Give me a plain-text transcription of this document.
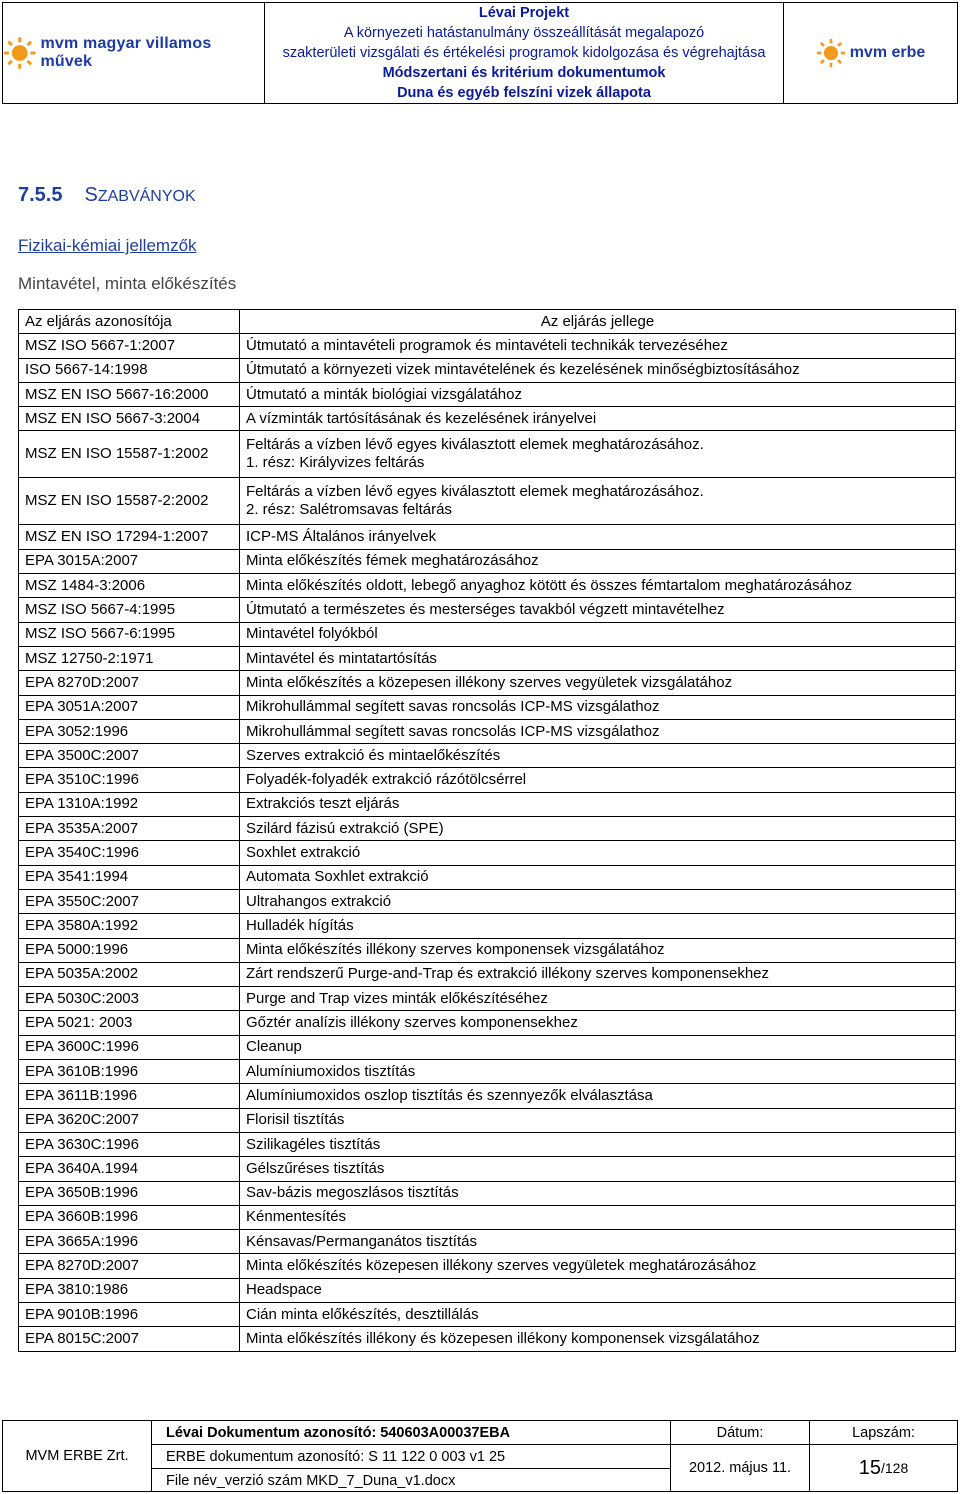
mvm magyar villamos művek
Lévai Projekt
A környezeti hatástanulmány összeállítását megalapozó
szakterületi vizsgálati és értékelési programok kidolgozása és végrehajtása
Módszertani és kritérium dokumentumok
Duna és egyéb felszíni vizek állapota
mvm erbe
7.5.5 SZABVÁNYOK
Fizikai-kémiai jellemzők
Mintavétel, minta előkészítés
Az eljárás azonosítója	Az eljárás jellege
MSZ ISO 5667-1:2007	Útmutató a mintavételi programok és mintavételi technikák tervezéséhez
ISO 5667-14:1998	Útmutató a környezeti vizek mintavételének és kezelésének minőségbiztosításához
MSZ EN ISO 5667-16:2000	Útmutató a minták biológiai vizsgálatához
MSZ EN ISO 5667-3:2004	A vízminták tartósításának és kezelésének irányelvei
MSZ EN ISO 15587-1:2002	Feltárás a vízben lévő egyes kiválasztott elemek meghatározásához.
1. rész: Királyvizes feltárás

MSZ EN ISO 15587-2:2002	Feltárás a vízben lévő egyes kiválasztott elemek meghatározásához.
2. rész: Salétromsavas feltárás

MSZ EN ISO 17294-1:2007	ICP-MS Általános irányelvek
EPA 3015A:2007	Minta előkészítés fémek meghatározásához
MSZ 1484-3:2006	Minta előkészítés oldott, lebegő anyaghoz kötött és összes fémtartalom meghatározásához
MSZ ISO 5667-4:1995	Útmutató a természetes és mesterséges tavakból végzett mintavételhez
MSZ ISO 5667-6:1995	Mintavétel folyókból
MSZ 12750-2:1971	Mintavétel és mintatartósítás
EPA 8270D:2007	Minta előkészítés a közepesen illékony szerves vegyületek vizsgálatához
EPA 3051A:2007	Mikrohullámmal segített savas roncsolás ICP-MS vizsgálathoz
EPA 3052:1996	Mikrohullámmal segített savas roncsolás ICP-MS vizsgálathoz
EPA 3500C:2007	Szerves extrakció és mintaelőkészítés
EPA 3510C:1996	Folyadék-folyadék extrakció rázótölcsérrel
EPA 1310A:1992	Extrakciós teszt eljárás
EPA 3535A:2007	Szilárd fázisú extrakció (SPE)
EPA 3540C:1996	Soxhlet extrakció
EPA 3541:1994	Automata Soxhlet extrakció
EPA 3550C:2007	Ultrahangos extrakció
EPA 3580A:1992	Hulladék hígítás
EPA 5000:1996	Minta előkészítés illékony szerves komponensek vizsgálatához
EPA 5035A:2002	Zárt rendszerű Purge-and-Trap és extrakció illékony szerves komponensekhez
EPA 5030C:2003	Purge and Trap vizes minták előkészítéséhez
EPA 5021: 2003	Gőztér analízis illékony szerves komponensekhez
EPA 3600C:1996	Cleanup
EPA 3610B:1996	Alumíniumoxidos tisztítás
EPA 3611B:1996	Alumíniumoxidos oszlop tisztítás és szennyezők elválasztása
EPA 3620C:2007	Florisil tisztítás
EPA 3630C:1996	Szilikagéles tisztítás
EPA 3640A.1994	Gélszűréses tisztítás
EPA 3650B:1996	Sav-bázis megoszlásos tisztítás
EPA 3660B:1996	Kénmentesítés
EPA 3665A:1996	Kénsavas/Permanganátos tisztítás
EPA 8270D:2007	Minta előkészítés közepesen illékony szerves vegyületek meghatározásához
EPA 3810:1986	Headspace
EPA 9010B:1996	Cián minta előkészítés, desztillálás
EPA 8015C:2007	Minta előkészítés illékony és közepesen illékony komponensek vizsgálatához
MVM ERBE Zrt.
Lévai Dokumentum azonosító: 540603A00037EBA
ERBE dokumentum azonosító: S 11 122 0 003 v1 25
File név_verzió szám MKD_7_Duna_v1.docx
Dátum:
2012. május 11.
Lapszám:
15 /128
